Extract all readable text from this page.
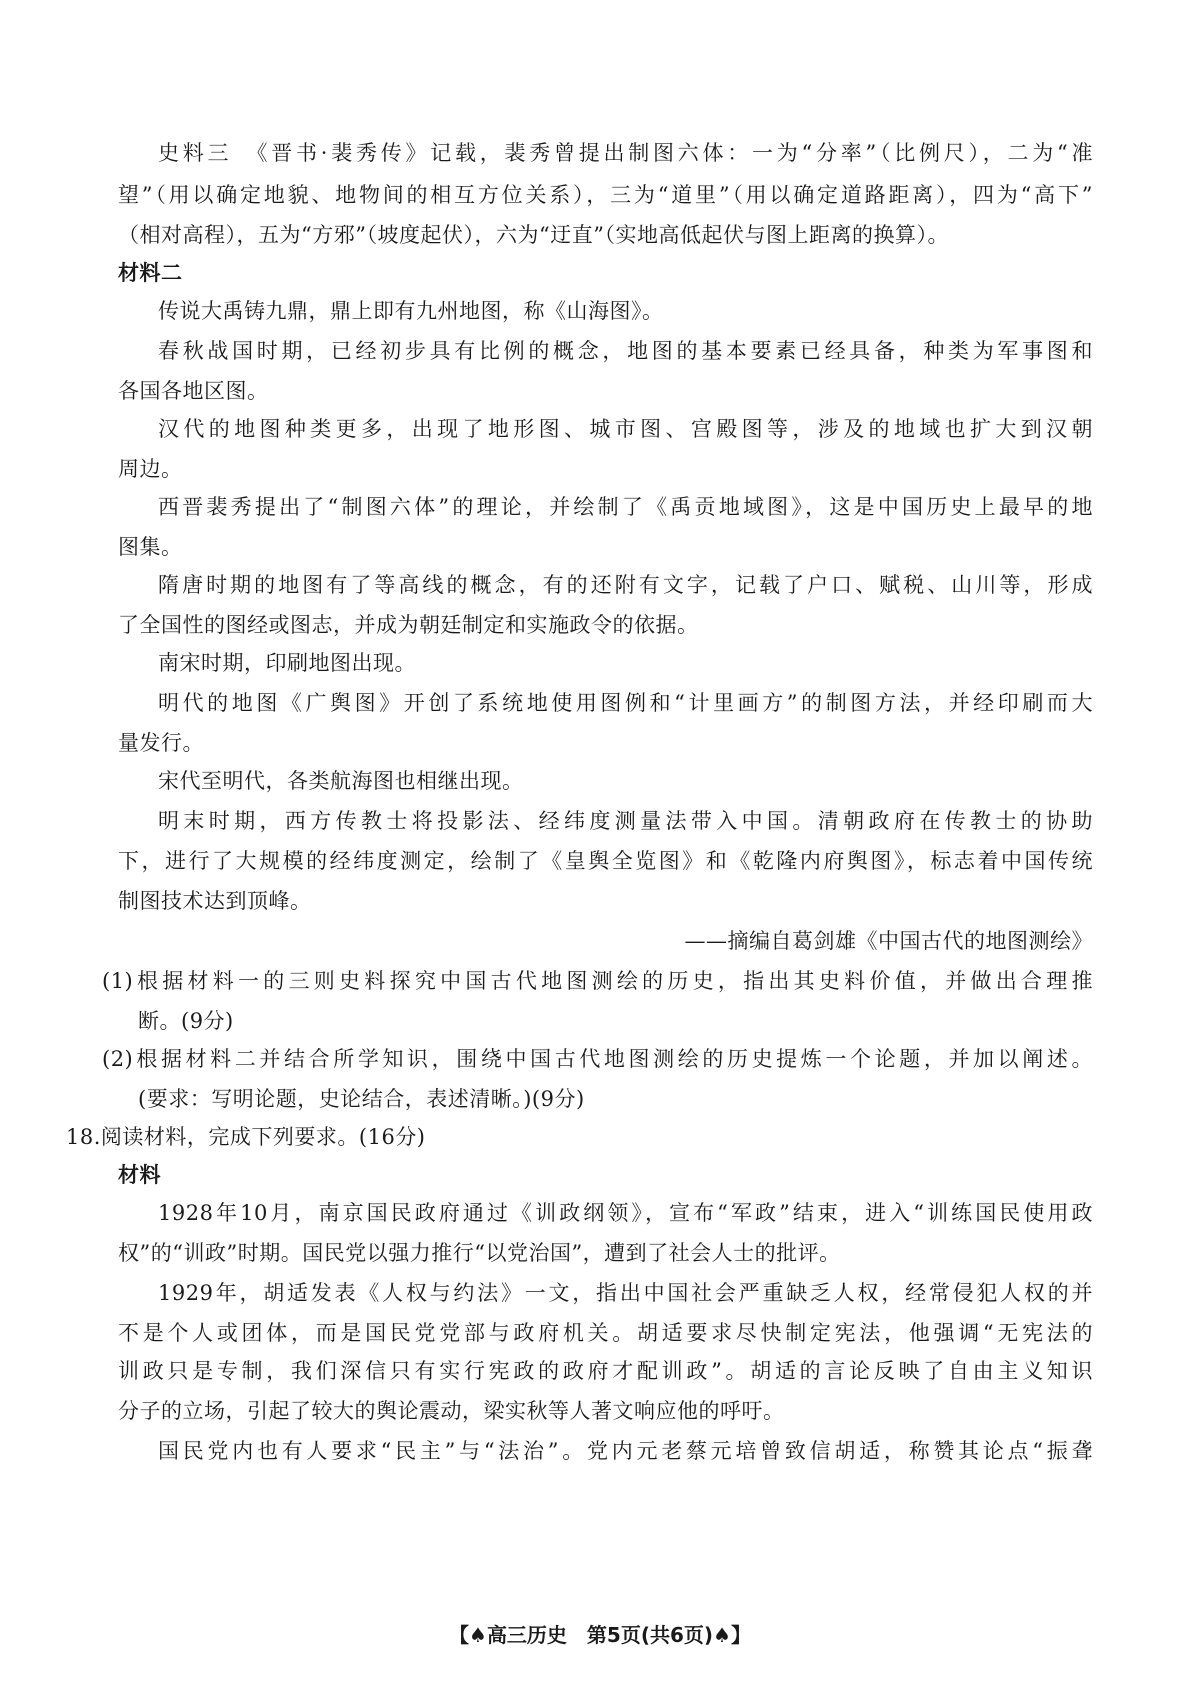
史料三　《晋书·裴秀传》记载，裴秀曾提出制图六体：一为“分率”（比例尺），二为“准
望”（用以确定地貌、地物间的相互方位关系），三为“道里”（用以确定道路距离），四为“高下”
（相对高程），五为“方邪”（坡度起伏），六为“迂直”（实地高低起伏与图上距离的换算）。
材料二
传说大禹铸九鼎，鼎上即有九州地图，称《山海图》。
春秋战国时期，已经初步具有比例的概念，地图的基本要素已经具备，种类为军事图和
各国各地区图。
汉代的地图种类更多，出现了地形图、城市图、宫殿图等，涉及的地域也扩大到汉朝
周边。
西晋裴秀提出了“制图六体”的理论，并绘制了《禹贡地域图》，这是中国历史上最早的地
图集。
隋唐时期的地图有了等高线的概念，有的还附有文字，记载了户口、赋税、山川等，形成
了全国性的图经或图志，并成为朝廷制定和实施政令的依据。
南宋时期，印刷地图出现。
明代的地图《广舆图》开创了系统地使用图例和“计里画方”的制图方法，并经印刷而大
量发行。
宋代至明代，各类航海图也相继出现。
明末时期，西方传教士将投影法、经纬度测量法带入中国。清朝政府在传教士的协助
下，进行了大规模的经纬度测定，绘制了《皇舆全览图》和《乾隆内府舆图》，标志着中国传统
制图技术达到顶峰。
——摘编自葛剑雄《中国古代的地图测绘》
(1)根据材料一的三则史料探究中国古代地图测绘的历史，指出其史料价值，并做出合理推
断。(9分)
(2)根据材料二并结合所学知识，围绕中国古代地图测绘的历史提炼一个论题，并加以阐述。
(要求：写明论题，史论结合，表述清晰。)(9分)
18.阅读材料，完成下列要求。(16分)
材料
1928年10月，南京国民政府通过《训政纲领》，宣布“军政”结束，进入“训练国民使用政
权”的“训政”时期。国民党以强力推行“以党治国”，遭到了社会人士的批评。
1929年，胡适发表《人权与约法》一文，指出中国社会严重缺乏人权，经常侵犯人权的并
不是个人或团体，而是国民党党部与政府机关。胡适要求尽快制定宪法，他强调“无宪法的
训政只是专制，我们深信只有实行宪政的政府才配训政”。胡适的言论反映了自由主义知识
分子的立场，引起了较大的舆论震动，梁实秋等人著文响应他的呼吁。
国民党内也有人要求“民主”与“法治”。党内元老蔡元培曾致信胡适，称赞其论点“振聋
【♠高三历史　第5页(共6页)♠】
